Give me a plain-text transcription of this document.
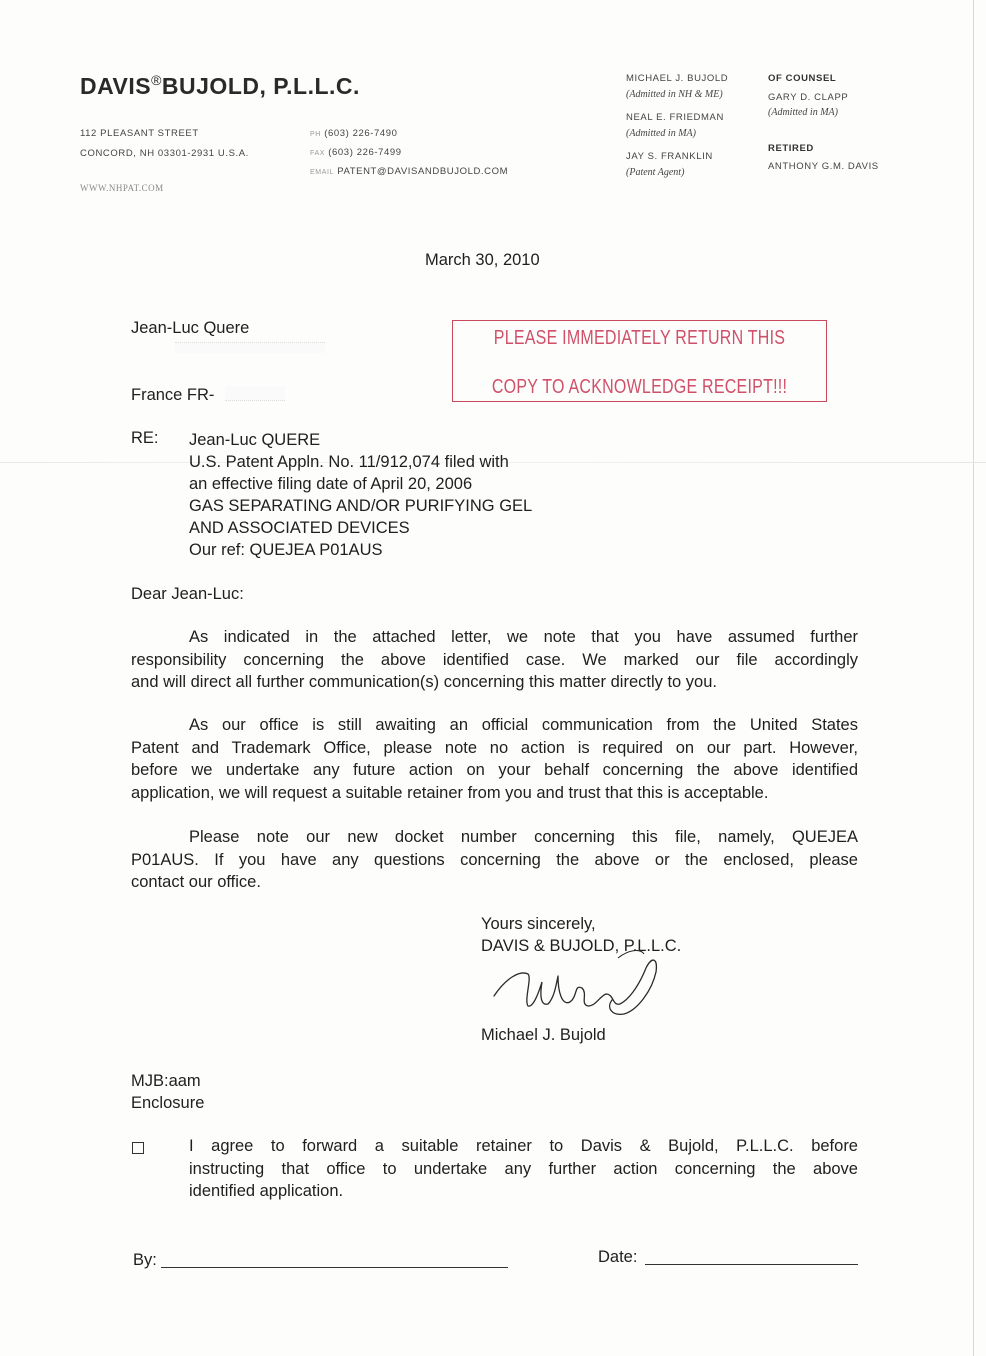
DAVIS®BUJOLD, P.L.L.C.
112 PLEASANT STREET
CONCORD, NH 03301-2931 U.S.A.
WWW.NHPAT.COM
PH (603) 226-7490
FAX (603) 226-7499
EMAIL PATENT@DAVISANDBUJOLD.COM
MICHAEL J. BUJOLD
(Admitted in NH & ME)
NEAL E. FRIEDMAN
(Admitted in MA)
JAY S. FRANKLIN
(Patent Agent)
OF COUNSEL
GARY D. CLAPP
(Admitted in MA)
RETIRED
ANTHONY G.M. DAVIS
March 30, 2010
Jean-Luc Quere
France FR-
PLEASE IMMEDIATELY RETURN THIS
COPY TO ACKNOWLEDGE RECEIPT!!!
RE: Jean-Luc QUERE
U.S. Patent Appln. No. 11/912,074 filed with
an effective filing date of April 20, 2006
GAS SEPARATING AND/OR PURIFYING GEL
AND ASSOCIATED DEVICES
Our ref: QUEJEA P01AUS
Dear Jean-Luc:
As indicated in the attached letter, we note that you have assumed further
responsibility concerning the above identified case. We marked our file accordingly
and will direct all further communication(s) concerning this matter directly to you.
As our office is still awaiting an official communication from the United States
Patent and Trademark Office, please note no action is required on our part. However,
before we undertake any future action on your behalf concerning the above identified
application, we will request a suitable retainer from you and trust that this is acceptable.
Please note our new docket number concerning this file, namely, QUEJEA
P01AUS. If you have any questions concerning the above or the enclosed, please
contact our office.
Yours sincerely,
DAVIS & BUJOLD, P.L.L.C.
Michael J. Bujold
MJB:aam
Enclosure
I agree to forward a suitable retainer to Davis & Bujold, P.L.L.C. before
instructing that office to undertake any further action concerning the above
identified application.
By:	Date:
